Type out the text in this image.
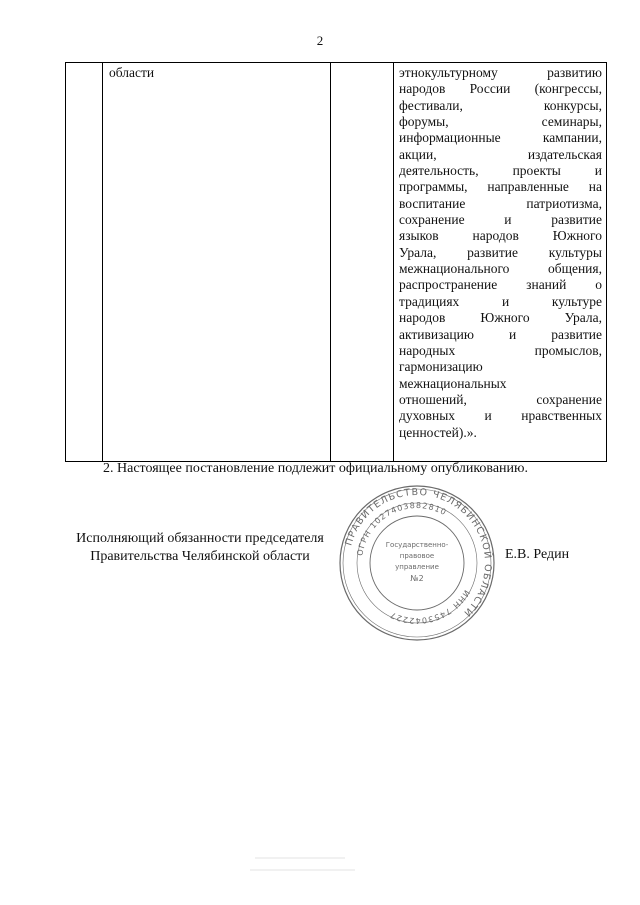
2
	области		этнокультурному развитию
народов России (конгрессы,
фестивали, конкурсы,
форумы, семинары,
информационные кампании,
акции, издательская
деятельность, проекты и
программы, направленные на
воспитание патриотизма,
сохранение и развитие
языков народов Южного
Урала, развитие культуры
межнационального общения,
распространение знаний о
традициях и культуре
народов Южного Урала,
активизацию и развитие
народных промыслов,
гармонизацию
межнациональных
отношений, сохранение
духовных и нравственных
ценностей).».
2. Настоящее постановление подлежит официальному опубликованию.
Исполняющий обязанности председателя
Правительства Челябинской области	Е.В. Редин
ПРАВИТЕЛЬСТВО ЧЕЛЯБИНСКОЙ ОБЛАСТИ
ОГРН 1027403882810
ИНН 7453042227
Государственно-
правовое
управление
№2
